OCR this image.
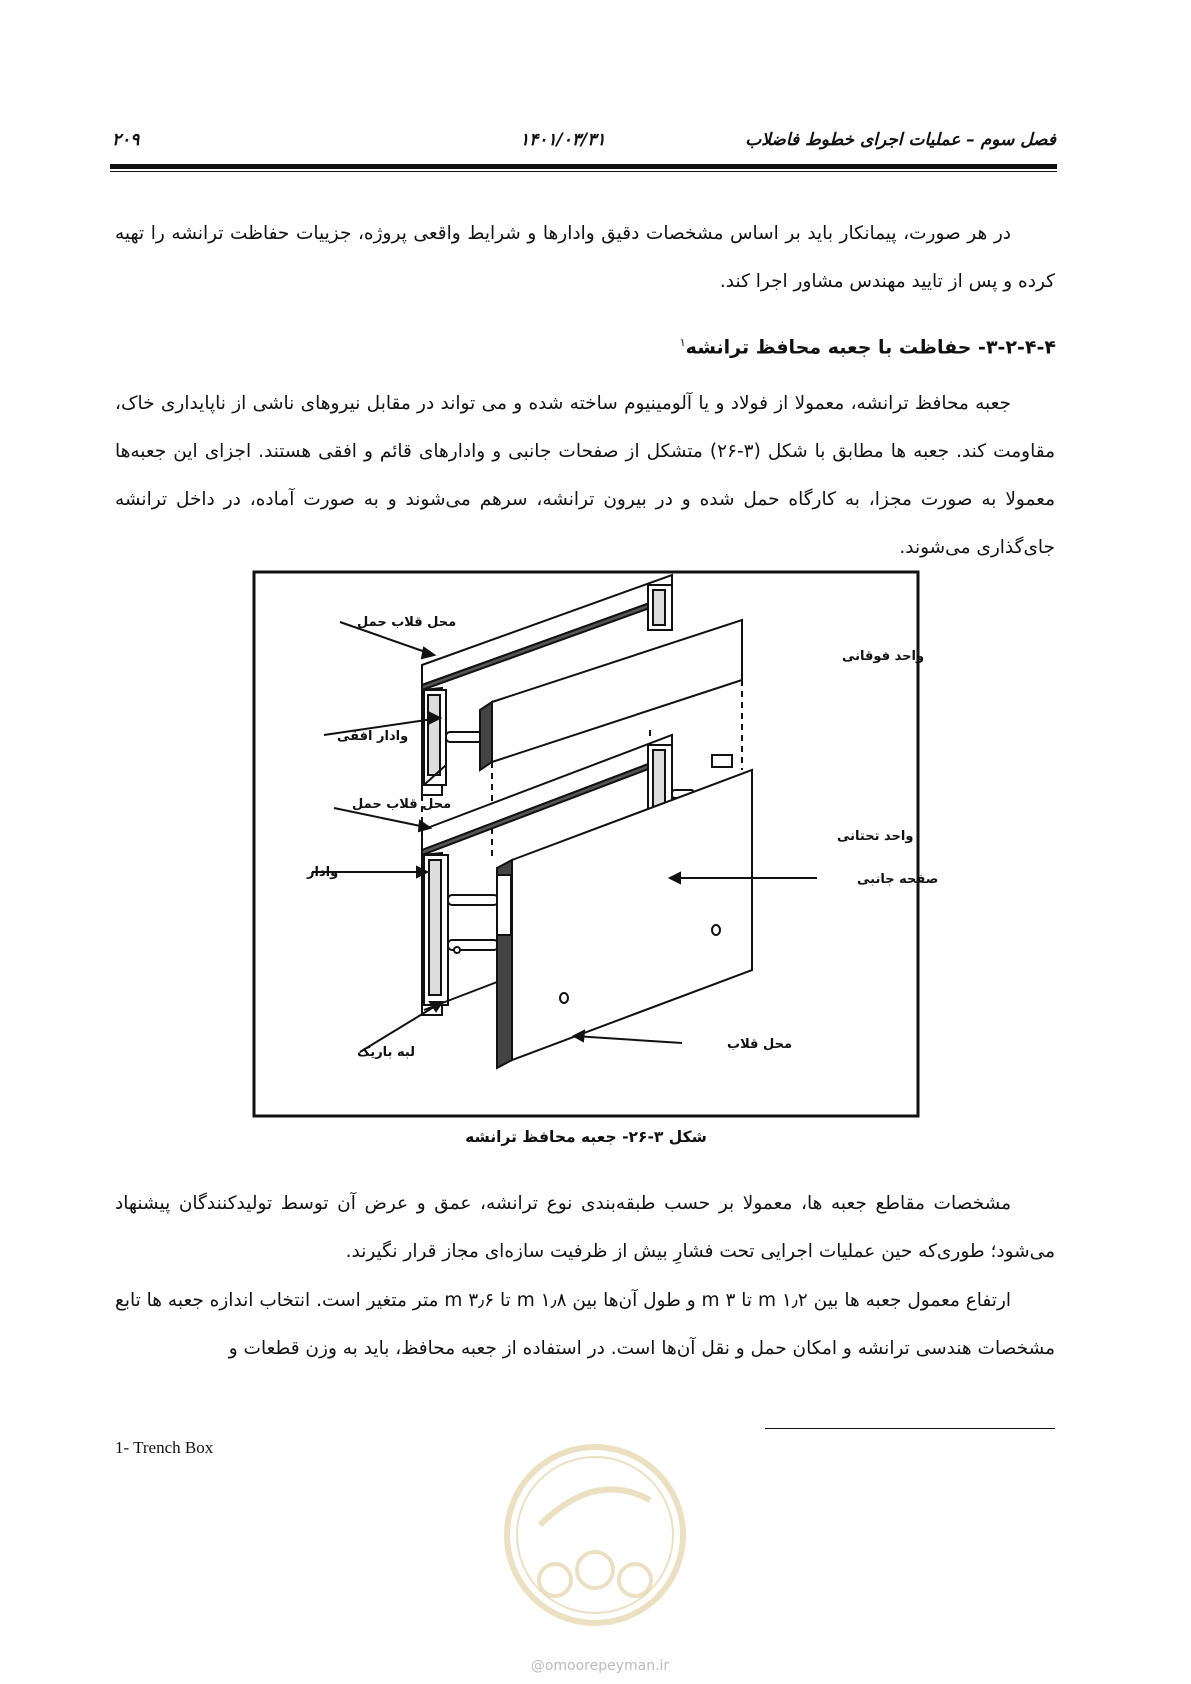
۲۰۹	۱۴۰۱/۰۳/۳۱	فصل سوم – عملیات اجرای خطوط فاضلاب

در هر صورت، پیمانکار باید بر اساس مشخصات دقیق وادارها و شرایط واقعی پروژه، جزییات حفاظت ترانشه را تهیه کرده و پس از تایید مهندس مشاور اجرا کند.

۳-۲-۴-۴- حفاظت با جعبه محافظ ترانشه$^۱$

جعبه محافظ ترانشه، معمولا از فولاد و یا آلومینیوم ساخته شده و می تواند در مقابل نیروهای ناشی از ناپایداری خاک، مقاومت کند. جعبه ها مطابق با شکل (۳-۲۶) متشکل از صفحات جانبی و وادارهای قائم و افقی هستند. اجزای این جعبه‌ها معمولا به صورت مجزا، به کارگاه حمل شده و در بیرون ترانشه، سرهم می‌شوند و به صورت آماده، در داخل ترانشه جای‌گذاری می‌شوند.

واحد فوقانی
محل قلاب حمل
وادار افقی
واحد تحتانی
محل قلاب حمل
وادار	صفحه جانبی
لبه باریک
محل قلاب
شکل ۳-۲۶- جعبه محافظ ترانشه

مشخصات مقاطع جعبه ها، معمولا بر حسب طبقه‌بندی نوع ترانشه، عمق و عرض آن توسط تولیدکنندگان پیشنهاد می‌شود؛ طوری‌که حین عملیات اجرایی تحت فشارِ بیش از ظرفیت سازه‌ای مجاز قرار نگیرند.

ارتفاع معمول جعبه ها بین ۱٫۲ m تا ۳ m و طول آن‌ها بین ۱٫۸ m تا ۳٫۶ m متر متغیر است. انتخاب اندازه جعبه ها تابع مشخصات هندسی ترانشه و امکان حمل و نقل آن‌ها است. در استفاده از جعبه محافظ، باید به وزن قطعات و

1- Trench Box
@omoorepeyman.ir
